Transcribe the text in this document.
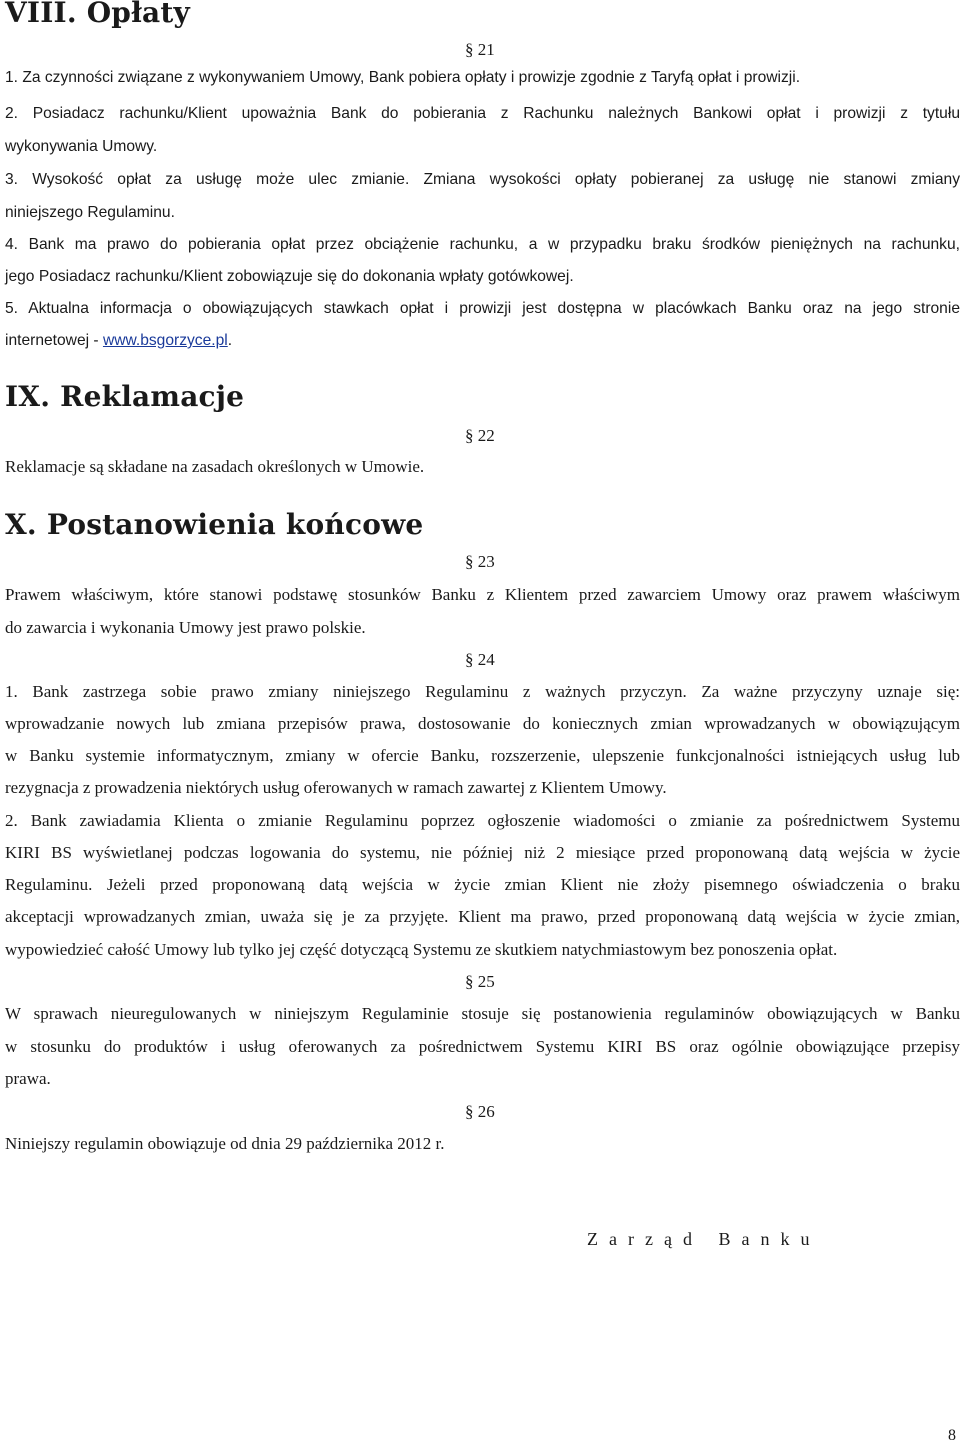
VIII. Opłaty
§ 21
1. Za czynności związane z wykonywaniem Umowy, Bank pobiera opłaty i prowizje zgodnie z Taryfą opłat i prowizji.
2. Posiadacz rachunku/Klient upoważnia Bank do pobierania z Rachunku należnych Bankowi opłat i prowizji z tytułu
wykonywania Umowy.
3. Wysokość opłat za usługę może ulec zmianie. Zmiana wysokości opłaty pobieranej za usługę nie stanowi zmiany
niniejszego Regulaminu.
4. Bank ma prawo do pobierania opłat przez obciążenie rachunku, a w przypadku braku środków pieniężnych na rachunku,
jego Posiadacz rachunku/Klient zobowiązuje się do dokonania wpłaty gotówkowej.
5. Aktualna informacja o obowiązujących stawkach opłat i prowizji jest dostępna w placówkach Banku oraz na jego stronie
internetowej - www.bsgorzyce.pl.
IX. Reklamacje
§ 22
Reklamacje są składane na zasadach określonych w Umowie.
X. Postanowienia końcowe
§ 23
Prawem właściwym, które stanowi podstawę stosunków Banku z Klientem przed zawarciem Umowy oraz prawem właściwym
do zawarcia i wykonania Umowy jest prawo polskie.
§ 24
1. Bank zastrzega sobie prawo zmiany niniejszego Regulaminu z ważnych przyczyn. Za ważne przyczyny uznaje się:
wprowadzanie nowych lub zmiana przepisów prawa, dostosowanie do koniecznych zmian wprowadzanych w obowiązującym
w Banku systemie informatycznym, zmiany w ofercie Banku, rozszerzenie, ulepszenie funkcjonalności istniejących usług lub
rezygnacja z prowadzenia niektórych usług oferowanych w ramach zawartej z Klientem Umowy.
2. Bank zawiadamia Klienta o zmianie Regulaminu poprzez ogłoszenie wiadomości o zmianie za pośrednictwem Systemu
KIRI BS wyświetlanej podczas logowania do systemu, nie później niż 2 miesiące przed proponowaną datą wejścia w życie
Regulaminu. Jeżeli przed proponowaną datą wejścia w życie zmian Klient nie złoży pisemnego oświadczenia o braku
akceptacji wprowadzanych zmian, uważa się je za przyjęte. Klient ma prawo, przed proponowaną datą wejścia w życie zmian,
wypowiedzieć całość Umowy lub tylko jej część dotyczącą Systemu ze skutkiem natychmiastowym bez ponoszenia opłat.
§ 25
W sprawach nieuregulowanych w niniejszym Regulaminie stosuje się postanowienia regulaminów obowiązujących w Banku
w stosunku do produktów i usług oferowanych za pośrednictwem Systemu KIRI BS oraz ogólnie obowiązujące przepisy
prawa.
§ 26
Niniejszy regulamin obowiązuje od dnia 29 października 2012 r.
Zarząd Banku
8
